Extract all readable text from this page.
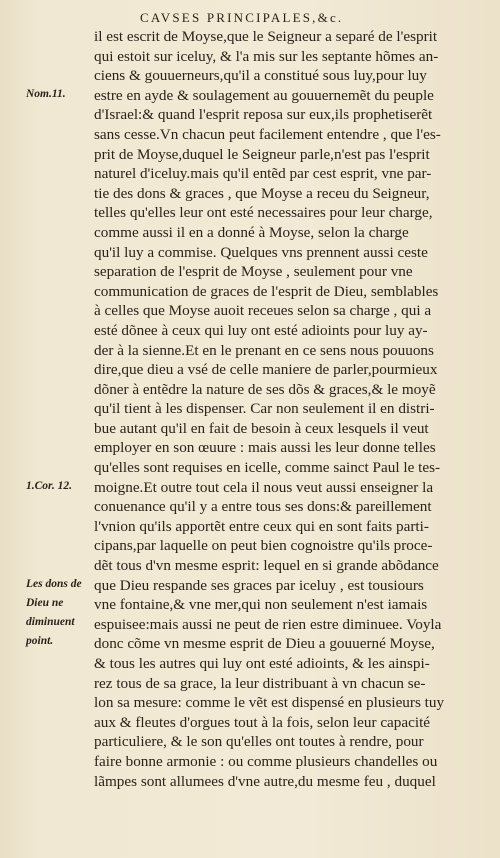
CAVSES PRINCIPALES,&c.
Nom.11.
1.Cor. 12.
Les dons de
Dieu ne
diminuent
point.
il est escrit de Moyse,que le Seigneur a separé de l'esprit
qui estoit sur iceluy, & l'a mis sur les septante hõmes an-
ciens & gouuerneurs,qu'il a constitué sous luy,pour luy
estre en ayde & soulagement au gouuernemẽt du peuple
d'Israel:& quand l'esprit reposa sur eux,ils prophetiserẽt
sans cesse.Vn chacun peut facilement entendre , que l'es-
prit de Moyse,duquel le Seigneur parle,n'est pas l'esprit
naturel d'iceluy.mais qu'il entẽd par cest esprit, vne par-
tie des dons & graces , que Moyse a receu du Seigneur,
telles qu'elles leur ont esté necessaires pour leur charge,
comme aussi il en a donné à Moyse, selon la charge
qu'il luy a commise. Quelques vns prennent aussi ceste
separation de l'esprit de Moyse , seulement pour vne
communication de graces de l'esprit de Dieu, semblables
à celles que Moyse auoit receues selon sa charge , qui a
esté dõnee à ceux qui luy ont esté adioints pour luy ay-
der à la sienne.Et en le prenant en ce sens nous pouuons
dire,que dieu a vsé de celle maniere de parler,pourmieux
dõner à entẽdre la nature de ses dõs & graces,& le moyẽ
qu'il tient à les dispenser. Car non seulement il en distri-
bue autant qu'il en fait de besoin à ceux lesquels il veut
employer en son œuure : mais aussi les leur donne telles
qu'elles sont requises en icelle, comme sainct Paul le tes-
moigne.Et outre tout cela il nous veut aussi enseigner la
conuenance qu'il y a entre tous ses dons:& pareillement
l'vnion qu'ils apportẽt entre ceux qui en sont faits parti-
cipans,par laquelle on peut bien cognoistre qu'ils proce-
dẽt tous d'vn mesme esprit: lequel en si grande abõdance
que Dieu respande ses graces par iceluy , est tousiours
vne fontaine,& vne mer,qui non seulement n'est iamais
espuisee:mais aussi ne peut de rien estre diminuee. Voyla
donc cõme vn mesme esprit de Dieu a gouuerné Moyse,
& tous les autres qui luy ont esté adioints, & les ainspi-
rez tous de sa grace, la leur distribuant à vn chacun se-
lon sa mesure: comme le vẽt est dispensé en plusieurs tuy
aux & fleutes d'orgues tout à la fois, selon leur capacité
particuliere, & le son qu'elles ont toutes à rendre, pour
faire bonne armonie : ou comme plusieurs chandelles ou
lãmpes sont allumees d'vne autre,du mesme feu , duquel
